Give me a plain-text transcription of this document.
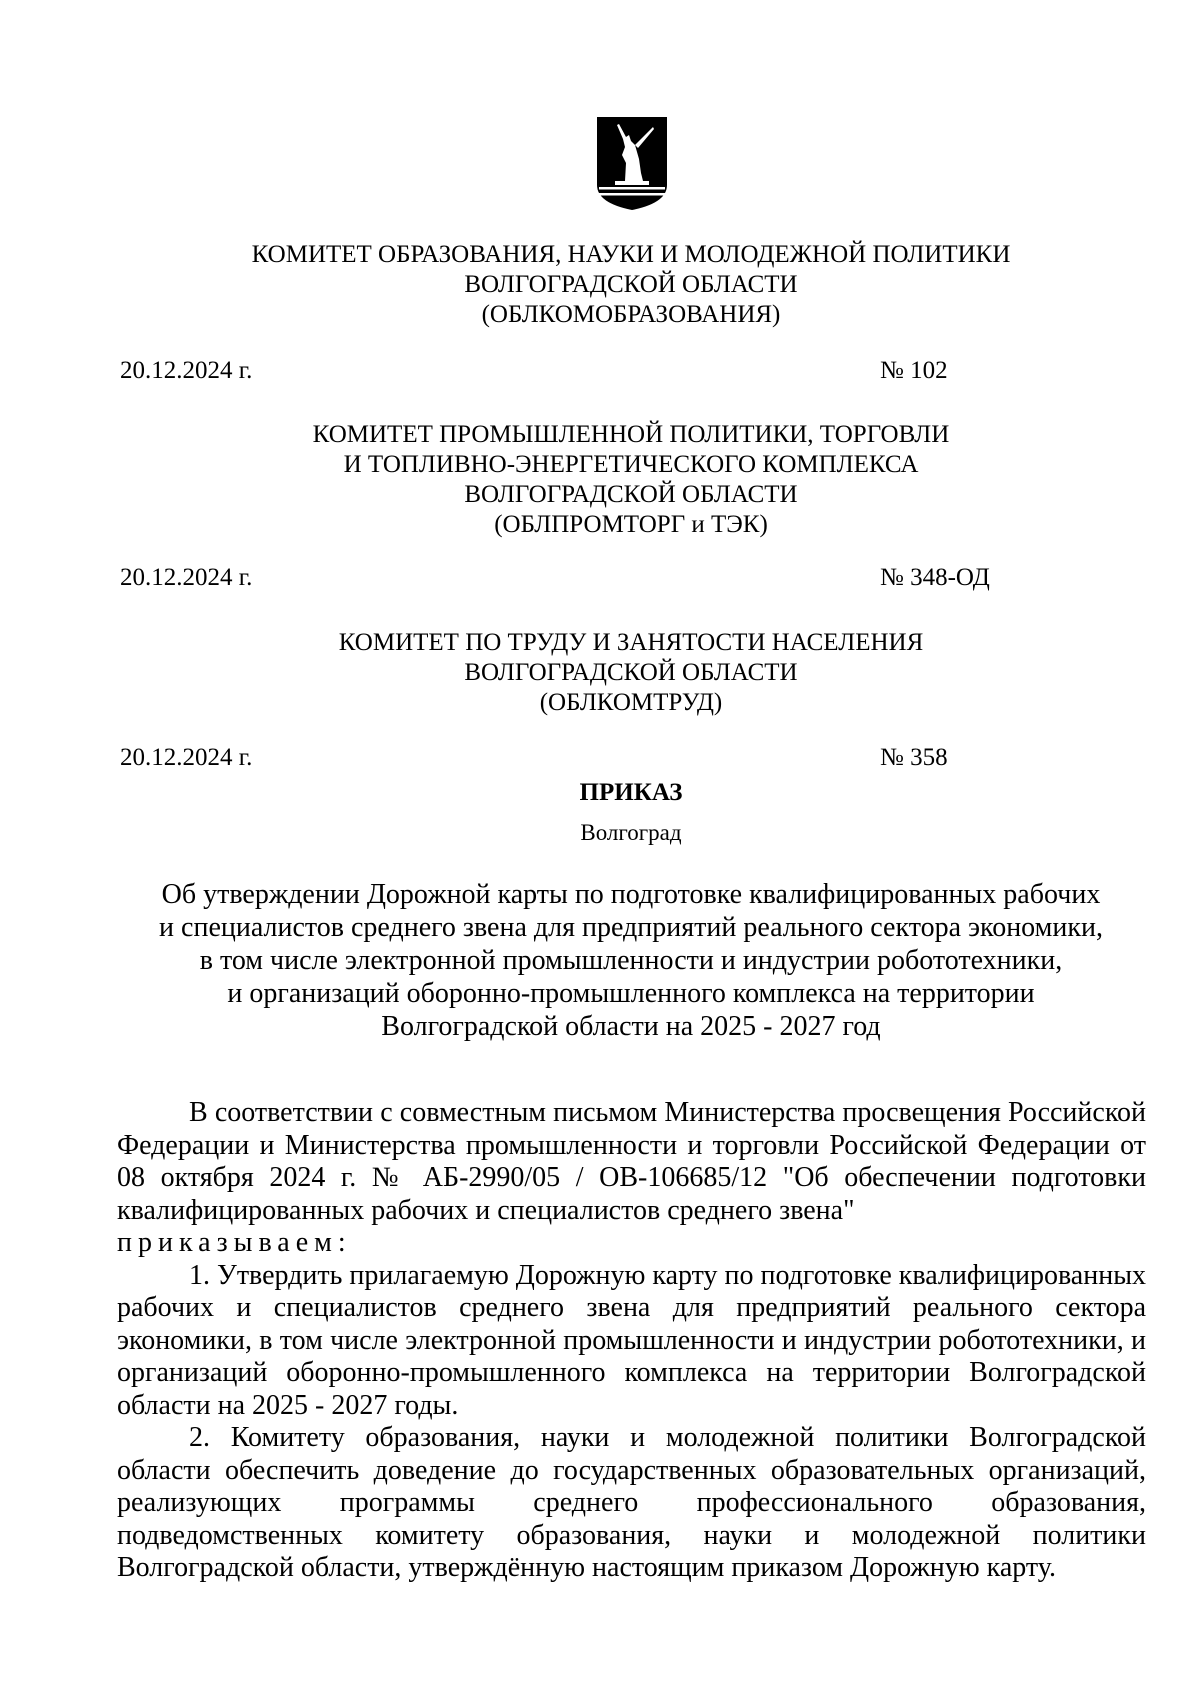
КОМИТЕТ ОБРАЗОВАНИЯ, НАУКИ И МОЛОДЕЖНОЙ ПОЛИТИКИ

ВОЛГОГРАДСКОЙ ОБЛАСТИ

(ОБЛКОМОБРАЗОВАНИЯ)

20.12.2024 г.	№ 102

КОМИТЕТ ПРОМЫШЛЕННОЙ ПОЛИТИКИ, ТОРГОВЛИ

И ТОПЛИВНО-ЭНЕРГЕТИЧЕСКОГО КОМПЛЕКСА

ВОЛГОГРАДСКОЙ ОБЛАСТИ

(ОБЛПРОМТОРГ и ТЭК)

20.12.2024 г.	№ 348-ОД

КОМИТЕТ ПО ТРУДУ И ЗАНЯТОСТИ НАСЕЛЕНИЯ

ВОЛГОГРАДСКОЙ ОБЛАСТИ

(ОБЛКОМТРУД)

20.12.2024 г.	№ 358
ПРИКАЗ
Волгоград

Об утверждении Дорожной карты по подготовке квалифицированных рабочих

и специалистов среднего звена для предприятий реального сектора экономики,

в том числе электронной промышленности и индустрии робототехники,

и организаций оборонно-промышленного комплекса на территории

Волгоградской области на 2025 - 2027 год

В соответствии с совместным письмом Министерства просвещения Российской Федерации и Министерства промышленности и торговли Российской Федерации от 08 октября 2024 г. № АБ-2990/05 / ОВ-106685/12 "Об обеспечении подготовки квалифицированных рабочих и специалистов среднего звена"

приказываем:

1. Утвердить прилагаемую Дорожную карту по подготовке квалифицированных рабочих и специалистов среднего звена для предприятий реального сектора экономики, в том числе электронной промышленности и индустрии робототехники, и организаций оборонно-промышленного комплекса на территории Волгоградской области на 2025 - 2027 годы.

2. Комитету образования, науки и молодежной политики Волгоградской области обеспечить доведение до государственных образовательных организаций, реализующих программы среднего профессионального образования, подведомственных комитету образования, науки и молодежной политики Волгоградской области, утверждённую настоящим приказом Дорожную карту.
